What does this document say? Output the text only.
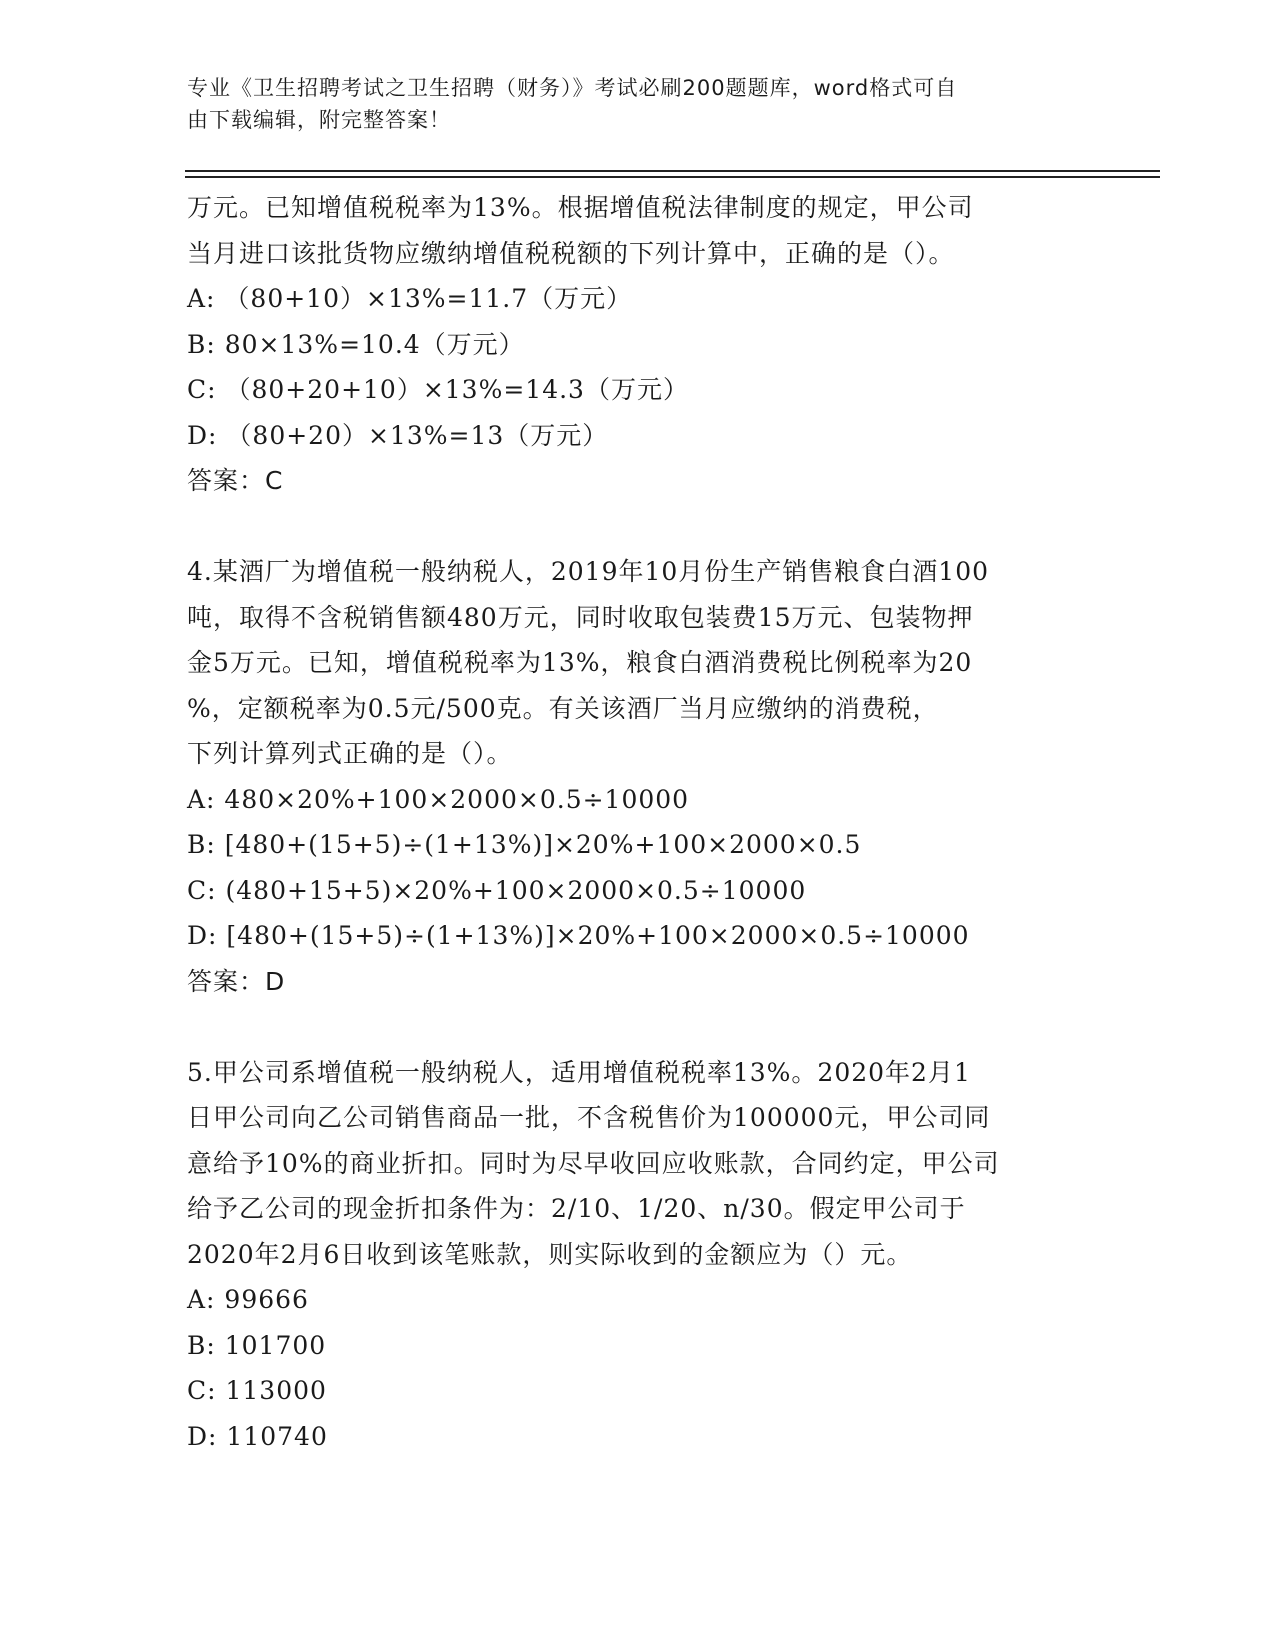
专业《卫生招聘考试之卫生招聘（财务）》考试必刷200题题库，word格式可自
由下载编辑，附完整答案！
万元。已知增值税税率为13%。根据增值税法律制度的规定，甲公司
当月进口该批货物应缴纳增值税税额的下列计算中，正确的是（）。
A: （80+10）×13%=11.7（万元）
B: 80×13%=10.4（万元）
C: （80+20+10）×13%=14.3（万元）
D: （80+20）×13%=13（万元）
答案：C
4.某酒厂为增值税一般纳税人，2019年10月份生产销售粮食白酒100
吨，取得不含税销售额480万元，同时收取包装费15万元、包装物押
金5万元。已知，增值税税率为13%，粮食白酒消费税比例税率为20
%，定额税率为0.5元/500克。有关该酒厂当月应缴纳的消费税，
下列计算列式正确的是（）。
A: 480×20%+100×2000×0.5÷10000
B: [480+(15+5)÷(1+13%)]×20%+100×2000×0.5
C: (480+15+5)×20%+100×2000×0.5÷10000
D: [480+(15+5)÷(1+13%)]×20%+100×2000×0.5÷10000
答案：D
5.甲公司系增值税一般纳税人，适用增值税税率13%。2020年2月1
日甲公司向乙公司销售商品一批，不含税售价为100000元，甲公司同
意给予10%的商业折扣。同时为尽早收回应收账款，合同约定，甲公司
给予乙公司的现金折扣条件为：2/10、1/20、n/30。假定甲公司于
2020年2月6日收到该笔账款，则实际收到的金额应为（）元。
A: 99666
B: 101700
C: 113000
D: 110740
